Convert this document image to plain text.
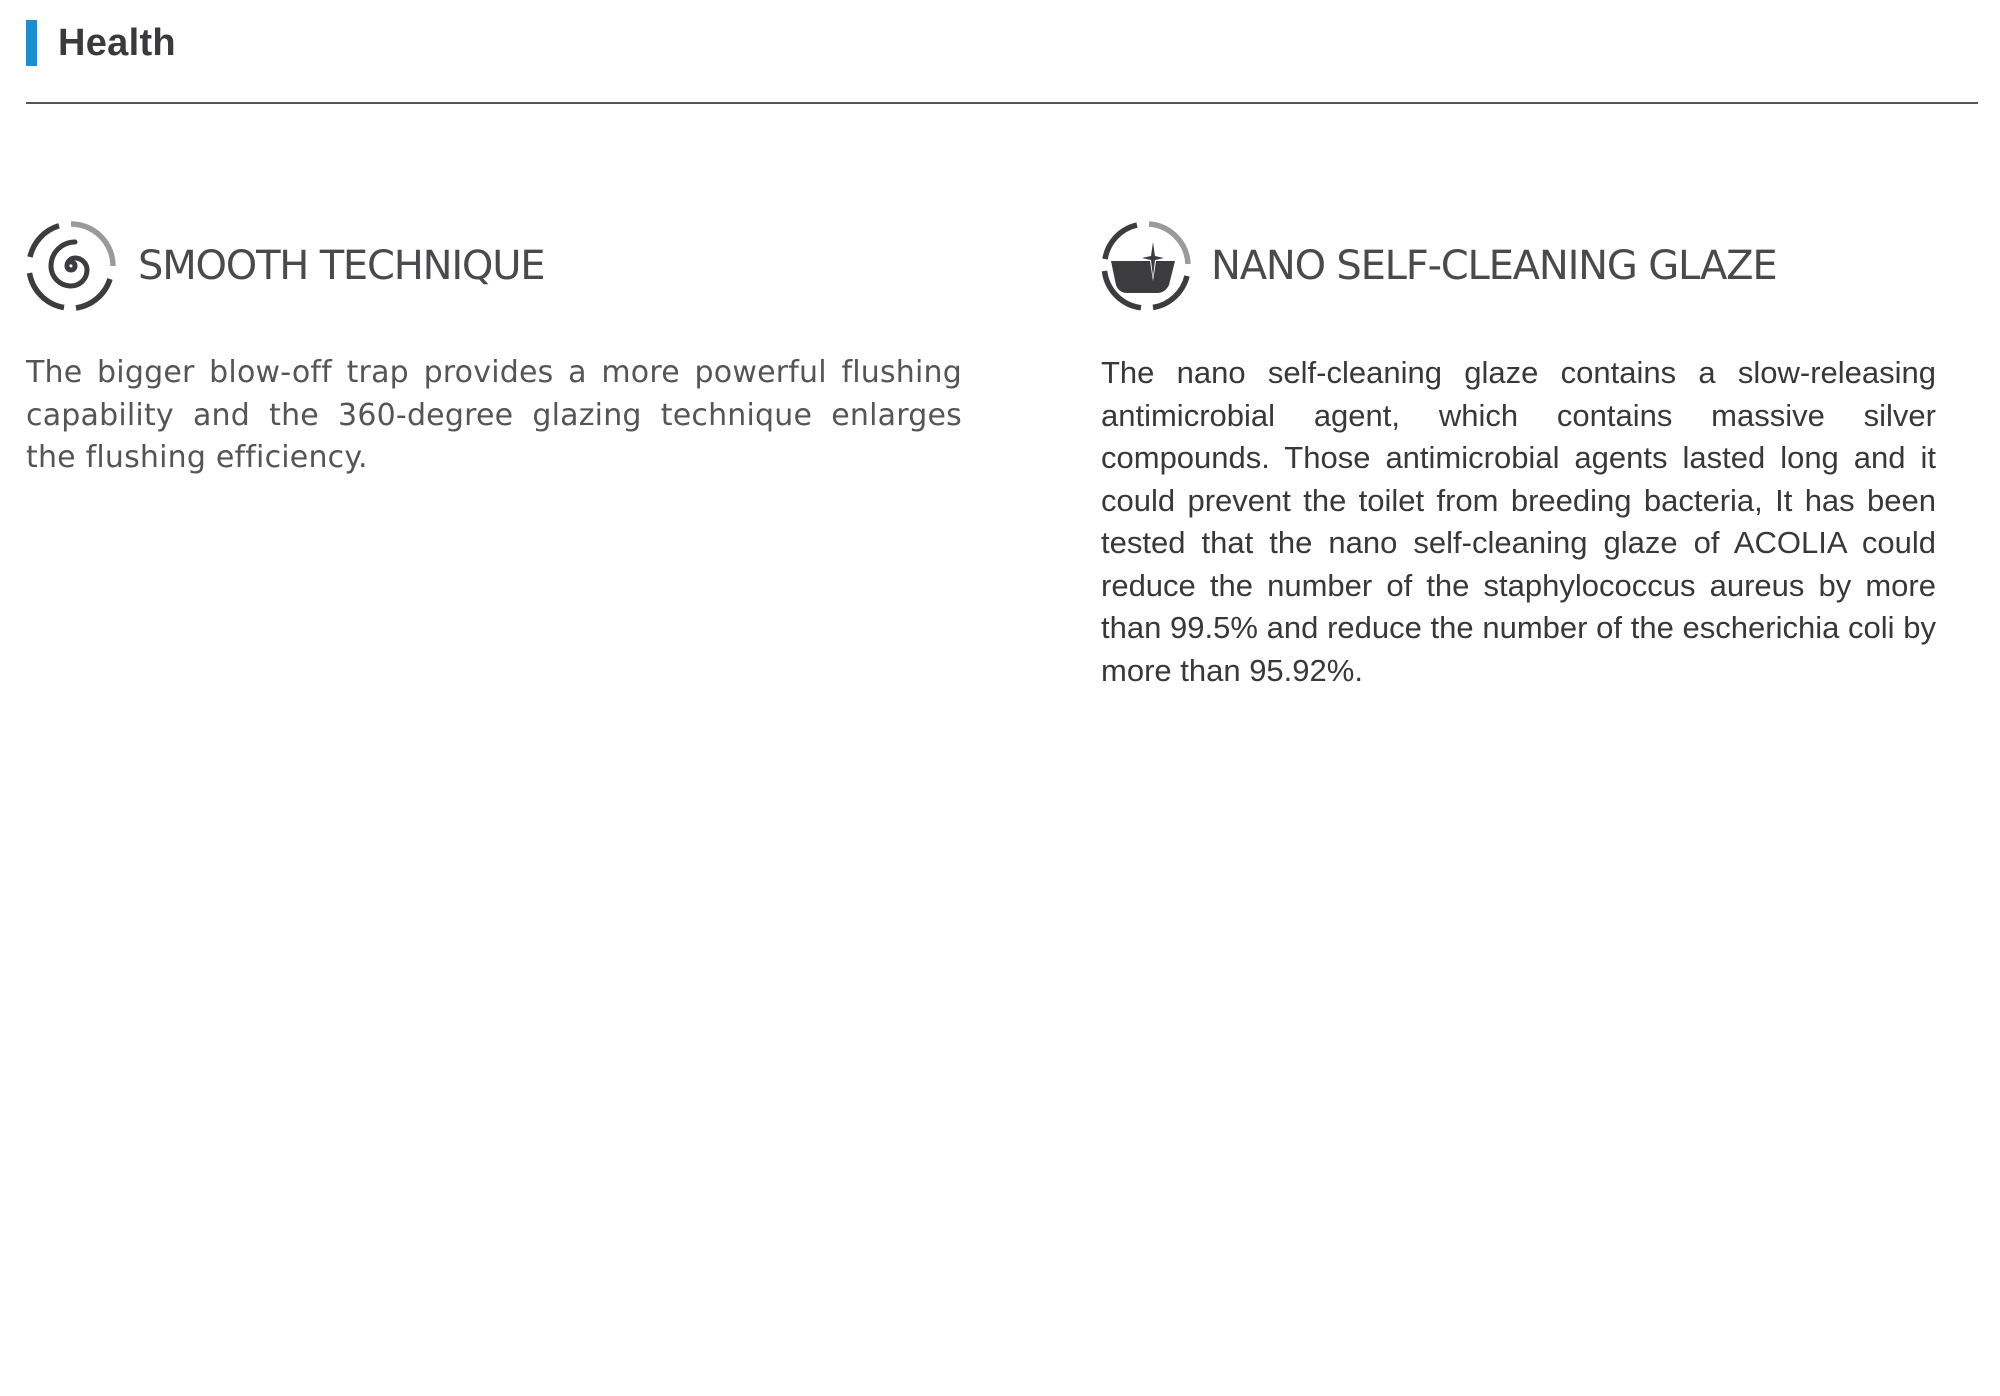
Health
SMOOTH TECHNIQUE
The bigger blow-off trap provides a more powerful flushing capability and the 360-degree glazing technique enlarges the flushing efficiency.
NANO SELF-CLEANING GLAZE
The nano self-cleaning glaze contains a slow-releasing antimicrobial agent, which contains massive silver compounds. Those antimicrobial agents lasted long and it could prevent the toilet from breeding bacteria, It has been tested that the nano self-cleaning glaze of ACOLIA could reduce the number of the staphylococcus aureus by more than 99.5% and reduce the number of the escherichia coli by more than 95.92%.
